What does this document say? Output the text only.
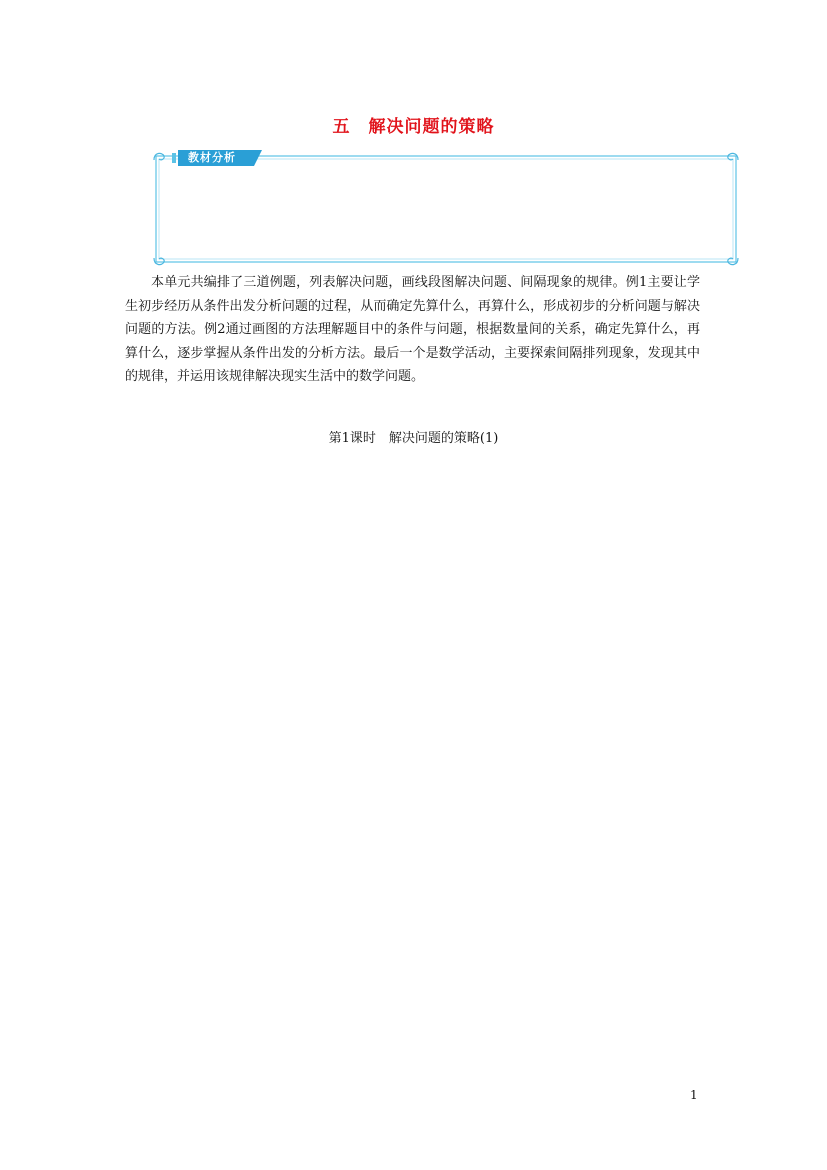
五　解决问题的策略
教材分析

本单元共编排了三道例题，列表解决问题，画线段图解决问题、间隔现象的规律。例1主要让学生初步经历从条件出发分析问题的过程，从而确定先算什么，再算什么，形成初步的分析问题与解决问题的方法。例2通过画图的方法理解题目中的条件与问题，根据数量间的关系，确定先算什么，再算什么，逐步掌握从条件出发的分析方法。最后一个是数学活动，主要探索间隔排列现象，发现其中的规律，并运用该规律解决现实生活中的数学问题。

第1课时　解决问题的策略(1)
1
